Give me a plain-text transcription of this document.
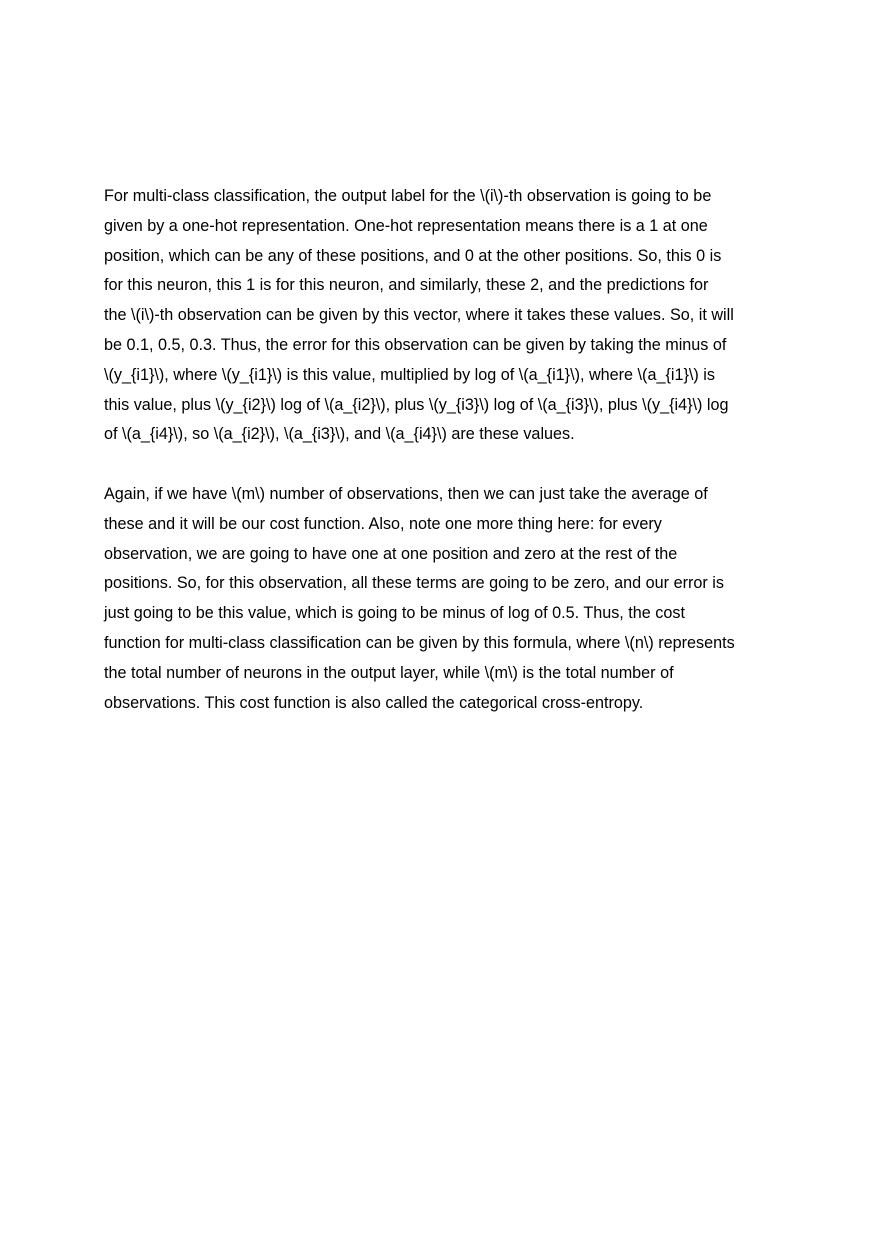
For multi-class classification, the output label for the \(i\)-th observation is going to be
given by a one-hot representation. One-hot representation means there is a 1 at one
position, which can be any of these positions, and 0 at the other positions. So, this 0 is
for this neuron, this 1 is for this neuron, and similarly, these 2, and the predictions for
the \(i\)-th observation can be given by this vector, where it takes these values. So, it will
be 0.1, 0.5, 0.3. Thus, the error for this observation can be given by taking the minus of
\(y_{i1}\), where \(y_{i1}\) is this value, multiplied by log of \(a_{i1}\), where \(a_{i1}\) is
this value, plus \(y_{i2}\) log of \(a_{i2}\), plus \(y_{i3}\) log of \(a_{i3}\), plus \(y_{i4}\) log
of \(a_{i4}\), so \(a_{i2}\), \(a_{i3}\), and \(a_{i4}\) are these values.

Again, if we have \(m\) number of observations, then we can just take the average of
these and it will be our cost function. Also, note one more thing here: for every
observation, we are going to have one at one position and zero at the rest of the
positions. So, for this observation, all these terms are going to be zero, and our error is
just going to be this value, which is going to be minus of log of 0.5. Thus, the cost
function for multi-class classification can be given by this formula, where \(n\) represents
the total number of neurons in the output layer, while \(m\) is the total number of
observations. This cost function is also called the categorical cross-entropy.
